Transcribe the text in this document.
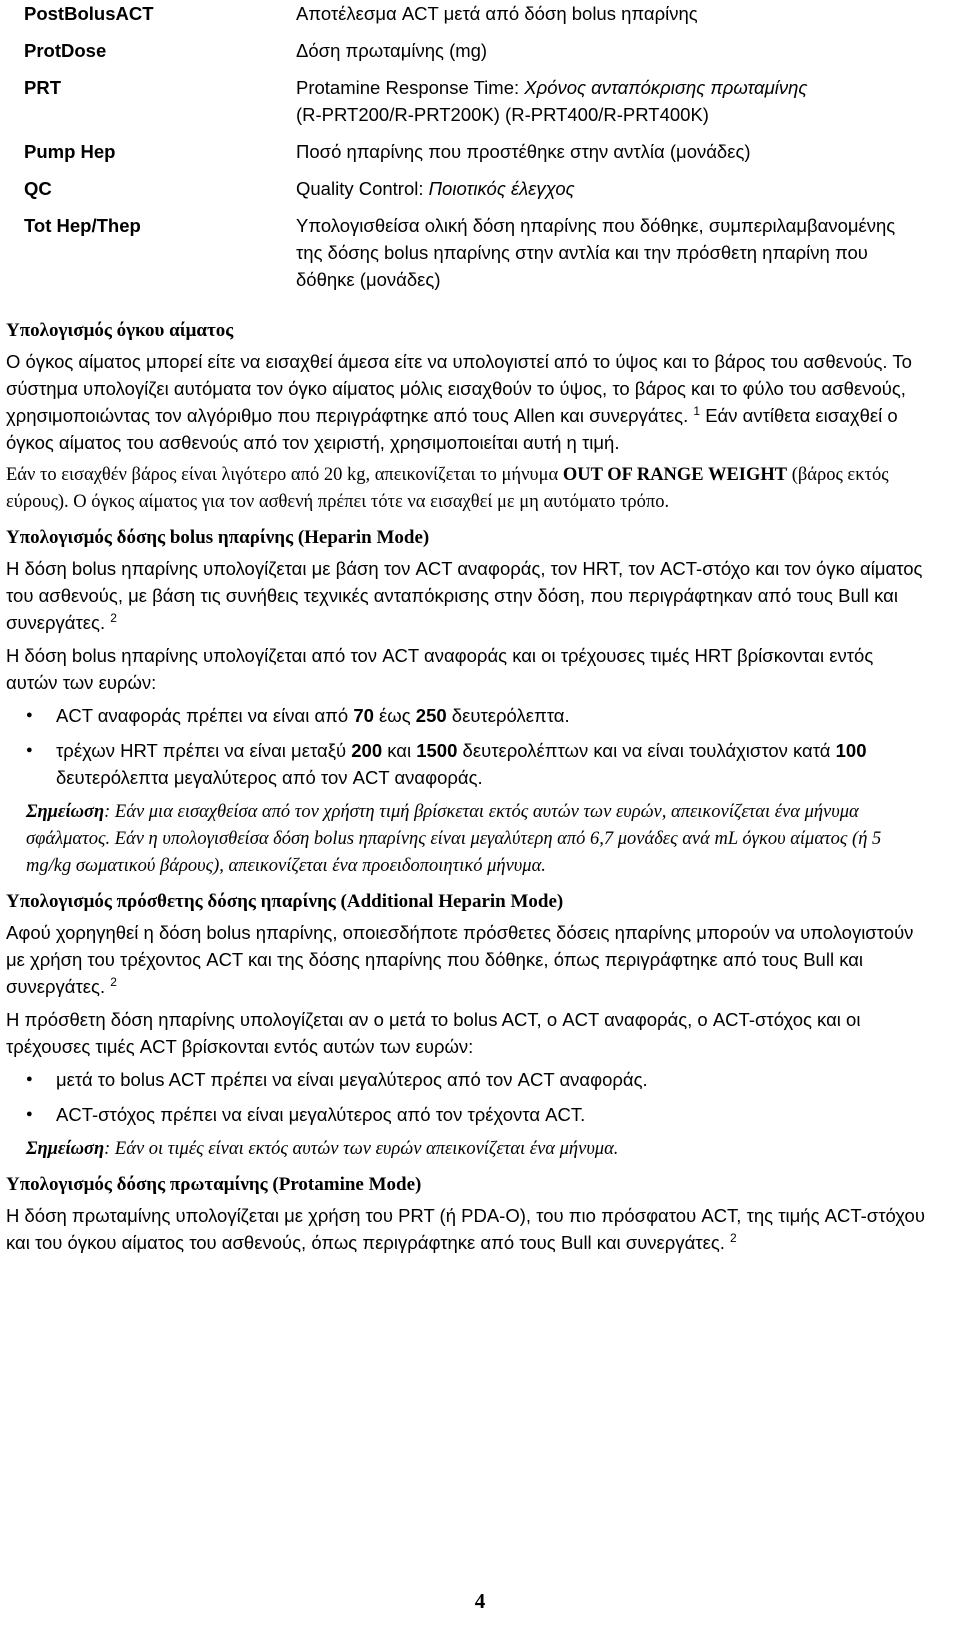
PostBolusACT	Αποτέλεσμα ACT μετά από δόση bolus ηπαρίνης
ProtDose	Δόση πρωταμίνης (mg)
PRT	Protamine Response Time: Χρόνος ανταπόκρισης πρωταμίνης
(R-PRT200/R-PRT200K) (R-PRT400/R-PRT400K)
Pump Hep	Ποσό ηπαρίνης που προστέθηκε στην αντλία (μονάδες)
QC	Quality Control: Ποιοτικός έλεγχος
Tot Hep/Thep	Υπολογισθείσα ολική δόση ηπαρίνης που δόθηκε, συμπεριλαμβανομένης της δόσης bolus ηπαρίνης στην αντλία και την πρόσθετη ηπαρίνη που δόθηκε (μονάδες)
Υπολογισμός όγκου αίματος

Ο όγκος αίματος μπορεί είτε να εισαχθεί άμεσα είτε να υπολογιστεί από το ύψος και το βάρος του ασθενούς. Το σύστημα υπολογίζει αυτόματα τον όγκο αίματος μόλις εισαχθούν το ύψος, το βάρος και το φύλο του ασθενούς, χρησιμοποιώντας τον αλγόριθμο που περιγράφτηκε από τους Allen και συνεργάτες. $^1$ Εάν αντίθετα εισαχθεί ο όγκος αίματος του ασθενούς από τον χειριστή, χρησιμοποιείται αυτή η τιμή.

Εάν το εισαχθέν βάρος είναι λιγότερο από 20 kg, απεικονίζεται το μήνυμα OUT OF RANGE WEIGHT (βάρος εκτός εύρους). Ο όγκος αίματος για τον ασθενή πρέπει τότε να εισαχθεί με μη αυτόματο τρόπο.

Υπολογισμός δόσης bolus ηπαρίνης (Heparin Mode)

Η δόση bolus ηπαρίνης υπολογίζεται με βάση τον ACT αναφοράς, τον HRT, τον ACT-στόχο και τον όγκο αίματος του ασθενούς, με βάση τις συνήθεις τεχνικές ανταπόκρισης στην δόση, που περιγράφτηκαν από τους Bull και συνεργάτες. $^2$

Η δόση bolus ηπαρίνης υπολογίζεται από τον ACT αναφοράς και οι τρέχουσες τιμές HRT βρίσκονται εντός αυτών των ευρών:

● ACT αναφοράς πρέπει να είναι από 70 έως 250 δευτερόλεπτα.
● τρέχων HRT πρέπει να είναι μεταξύ 200 και 1500 δευτερολέπτων και να είναι τουλάχιστον κατά 100 δευτερόλεπτα μεγαλύτερος από τον ACT αναφοράς.

Σημείωση: Εάν μια εισαχθείσα από τον χρήστη τιμή βρίσκεται εκτός αυτών των ευρών, απεικονίζεται ένα μήνυμα σφάλματος. Εάν η υπολογισθείσα δόση bolus ηπαρίνης είναι μεγαλύτερη από 6,7 μονάδες ανά mL όγκου αίματος (ή 5 mg/kg σωματικού βάρους), απεικονίζεται ένα προειδοποιητικό μήνυμα.

Υπολογισμός πρόσθετης δόσης ηπαρίνης (Additional Heparin Mode)

Αφού χορηγηθεί η δόση bolus ηπαρίνης, οποιεσδήποτε πρόσθετες δόσεις ηπαρίνης μπορούν να υπολογιστούν με χρήση του τρέχοντος ACT και της δόσης ηπαρίνης που δόθηκε, όπως περιγράφτηκε από τους Bull και συνεργάτες. $^2$

Η πρόσθετη δόση ηπαρίνης υπολογίζεται αν ο μετά το bolus ACT, ο ACT αναφοράς, ο ACT-στόχος και οι τρέχουσες τιμές ACT βρίσκονται εντός αυτών των ευρών:

● μετά το bolus ACT πρέπει να είναι μεγαλύτερος από τον ACT αναφοράς.
● ACT-στόχος πρέπει να είναι μεγαλύτερος από τον τρέχοντα ACT.

Σημείωση: Εάν οι τιμές είναι εκτός αυτών των ευρών απεικονίζεται ένα μήνυμα.

Υπολογισμός δόσης πρωταμίνης (Protamine Mode)

Η δόση πρωταμίνης υπολογίζεται με χρήση του PRT (ή PDA-O), του πιο πρόσφατου ACT, της τιμής ACT-στόχου και του όγκου αίματος του ασθενούς, όπως περιγράφτηκε από τους Bull και συνεργάτες. $^2$

4
